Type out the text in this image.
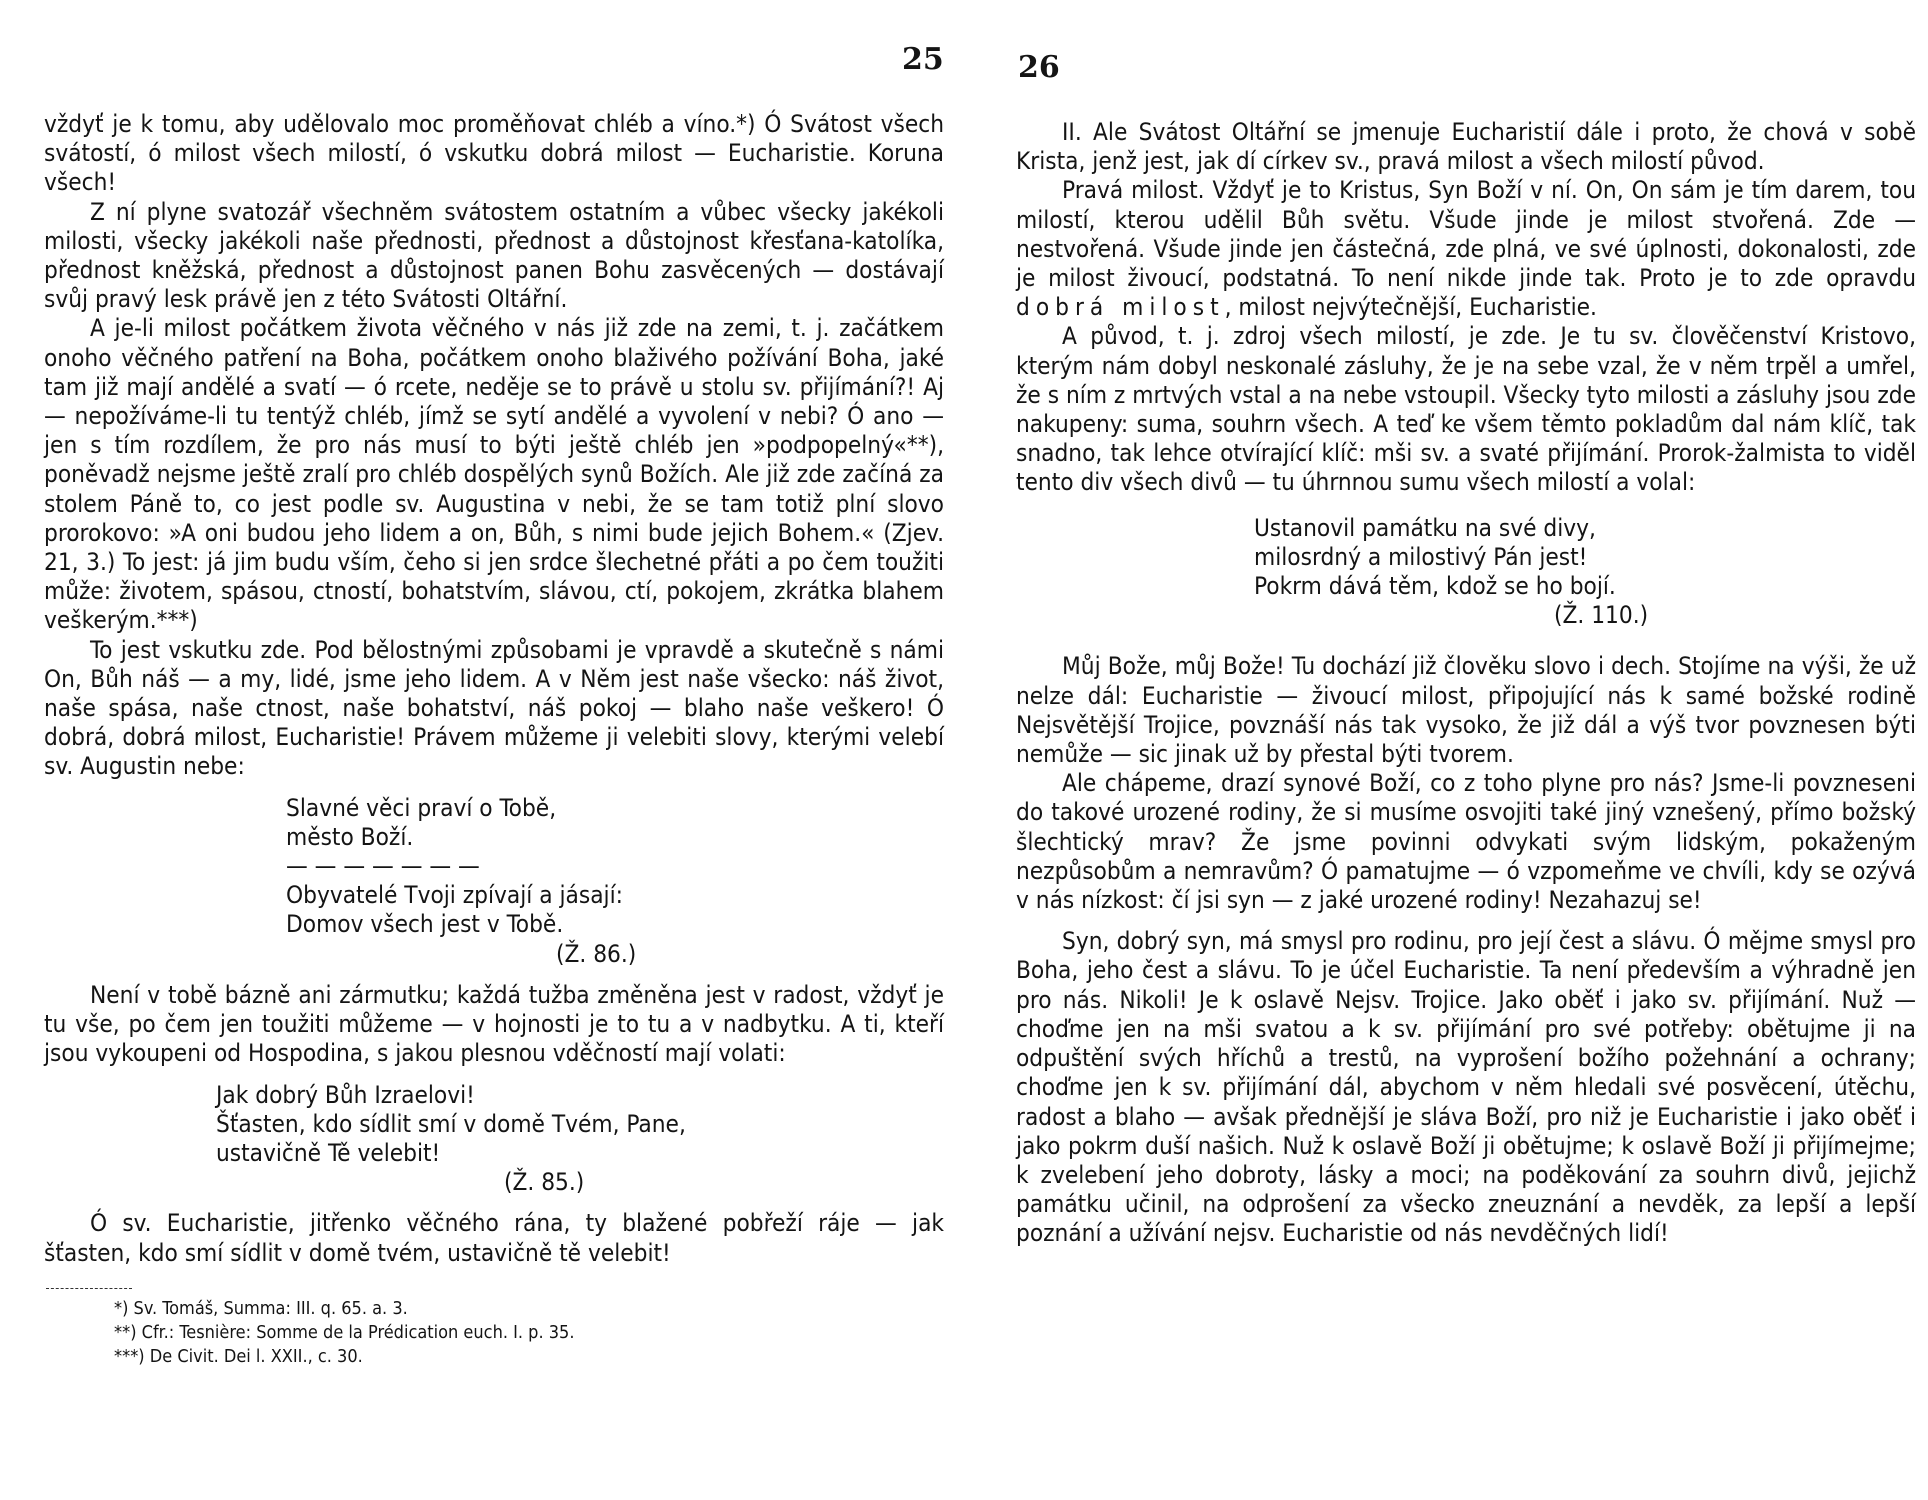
25

vždyť je k tomu, aby udělovalo moc proměňovat chléb a víno.*) Ó Svátost všech svátostí, ó milost všech milostí, ó vskutku dobrá milost — Eucharistie. Koruna všech!

Z ní plyne svatozář všechněm svátostem ostatním a vůbec všecky jakékoli milosti, všecky jakékoli naše přednosti, přednost a důstojnost křesťana-katolíka, přednost kněžská, přednost a důstojnost panen Bohu zasvěcených — dostávají svůj pravý lesk právě jen z této Svátosti Oltářní.

A je-li milost počátkem života věčného v nás již zde na zemi, t. j. začátkem onoho věčného patření na Boha, počátkem onoho blaživého požívání Boha, jaké tam již mají andělé a svatí — ó rcete, neděje se to právě u stolu sv. přijímání?! Aj — nepožíváme-li tu tentýž chléb, jímž se sytí andělé a vyvolení v nebi? Ó ano — jen s tím rozdílem, že pro nás musí to býti ještě chléb jen »podpopelný«**), poněvadž nejsme ještě zralí pro chléb dospělých synů Božích. Ale již zde začíná za stolem Páně to, co jest podle sv. Augustina v nebi, že se tam totiž plní slovo prorokovo: »A oni budou jeho lidem a on, Bůh, s nimi bude jejich Bohem.« (Zjev. 21, 3.) To jest: já jim budu vším, čeho si jen srdce šlechetné přáti a po čem toužiti může: životem, spásou, ctností, bohatstvím, slávou, ctí, pokojem, zkrátka blahem veškerým.***)

To jest vskutku zde. Pod bělostnými způsobami je vpravdě a skutečně s námi On, Bůh náš — a my, lidé, jsme jeho lidem. A v Něm jest naše všecko: náš život, naše spása, naše ctnost, naše bohatství, náš pokoj — blaho naše veškero! Ó dobrá, dobrá milost, Eucharistie! Právem můžeme ji velebiti slovy, kterými velebí sv. Augustin nebe:

Slavné věci praví o Tobě,
město Boží.
— — — — — — —
Obyvatelé Tvoji zpívají a jásají:
Domov všech jest v Tobě.
(Ž. 86.)

Není v tobě bázně ani zármutku; každá tužba změněna jest v radost, vždyť je tu vše, po čem jen toužiti můžeme — v hojnosti je to tu a v nadbytku. A ti, kteří jsou vykoupeni od Hospodina, s jakou plesnou vděčností mají volati:

Jak dobrý Bůh Izraelovi!
Šťasten, kdo sídlit smí v domě Tvém, Pane,
ustavičně Tě velebit!
(Ž. 85.)

Ó sv. Eucharistie, jitřenko věčného rána, ty blažené pobřeží ráje — jak šťasten, kdo smí sídlit v domě tvém, ustavičně tě velebit!

*) Sv. Tomáš, Summa: III. q. 65. a. 3.
**) Cfr.: Tesnière: Somme de la Prédication euch. I. p. 35.
***) De Civit. Dei l. XXII., c. 30.
26

II. Ale Svátost Oltářní se jmenuje Eucharistií dále i proto, že chová v sobě Krista, jenž jest, jak dí církev sv., pravá milost a všech milostí původ.

Pravá milost. Vždyť je to Kristus, Syn Boží v ní. On, On sám je tím darem, tou milostí, kterou udělil Bůh světu. Všude jinde je milost stvořená. Zde — nestvořená. Všude jinde jen částečná, zde plná, ve své úplnosti, dokonalosti, zde je milost živoucí, podstatná. To není nikde jinde tak. Proto je to zde opravdu dobrá milost, milost nejvýtečnější, Eucharistie.

A původ, t. j. zdroj všech milostí, je zde. Je tu sv. člověčenství Kristovo, kterým nám dobyl neskonalé zásluhy, že je na sebe vzal, že v něm trpěl a umřel, že s ním z mrtvých vstal a na nebe vstoupil. Všecky tyto milosti a zásluhy jsou zde nakupeny: suma, souhrn všech. A teď ke všem těmto pokladům dal nám klíč, tak snadno, tak lehce otvírající klíč: mši sv. a svaté přijímání. Prorok-žalmista to viděl tento div všech divů — tu úhrnnou sumu všech milostí a volal:

Ustanovil památku na své divy,
milosrdný a milostivý Pán jest!
Pokrm dává těm, kdož se ho bojí.
(Ž. 110.)

Můj Bože, můj Bože! Tu dochází již člověku slovo i dech. Stojíme na výši, že už nelze dál: Eucharistie — živoucí milost, připojující nás k samé božské rodině Nejsvětější Trojice, povznáší nás tak vysoko, že již dál a výš tvor povznesen býti nemůže — sic jinak už by přestal býti tvorem.

Ale chápeme, drazí synové Boží, co z toho plyne pro nás? Jsme-li povzneseni do takové urozené rodiny, že si musíme osvojiti také jiný vznešený, přímo božský šlechtický mrav? Že jsme povinni odvykati svým lidským, pokaženým nezpůsobům a nemravům? Ó pamatujme — ó vzpomeňme ve chvíli, kdy se ozývá v nás nízkost: čí jsi syn — z jaké urozené rodiny! Nezahazuj se!

Syn, dobrý syn, má smysl pro rodinu, pro její čest a slávu. Ó mějme smysl pro Boha, jeho čest a slávu. To je účel Eucharistie. Ta není především a výhradně jen pro nás. Nikoli! Je k oslavě Nejsv. Trojice. Jako oběť i jako sv. přijímání. Nuž — choďme jen na mši svatou a k sv. přijímání pro své potřeby: obětujme ji na odpuštění svých hříchů a trestů, na vyprošení božího požehnání a ochrany; choďme jen k sv. přijímání dál, abychom v něm hledali své posvěcení, útěchu, radost a blaho — avšak přednější je sláva Boží, pro niž je Eucharistie i jako oběť i jako pokrm duší našich. Nuž k oslavě Boží ji obětujme; k oslavě Boží ji přijímejme; k zvelebení jeho dobroty, lásky a moci; na poděkování za souhrn divů, jejichž památku učinil, na odprošení za všecko zneuznání a nevděk, za lepší a lepší poznání a užívání nejsv. Eucharistie od nás nevděčných lidí!
